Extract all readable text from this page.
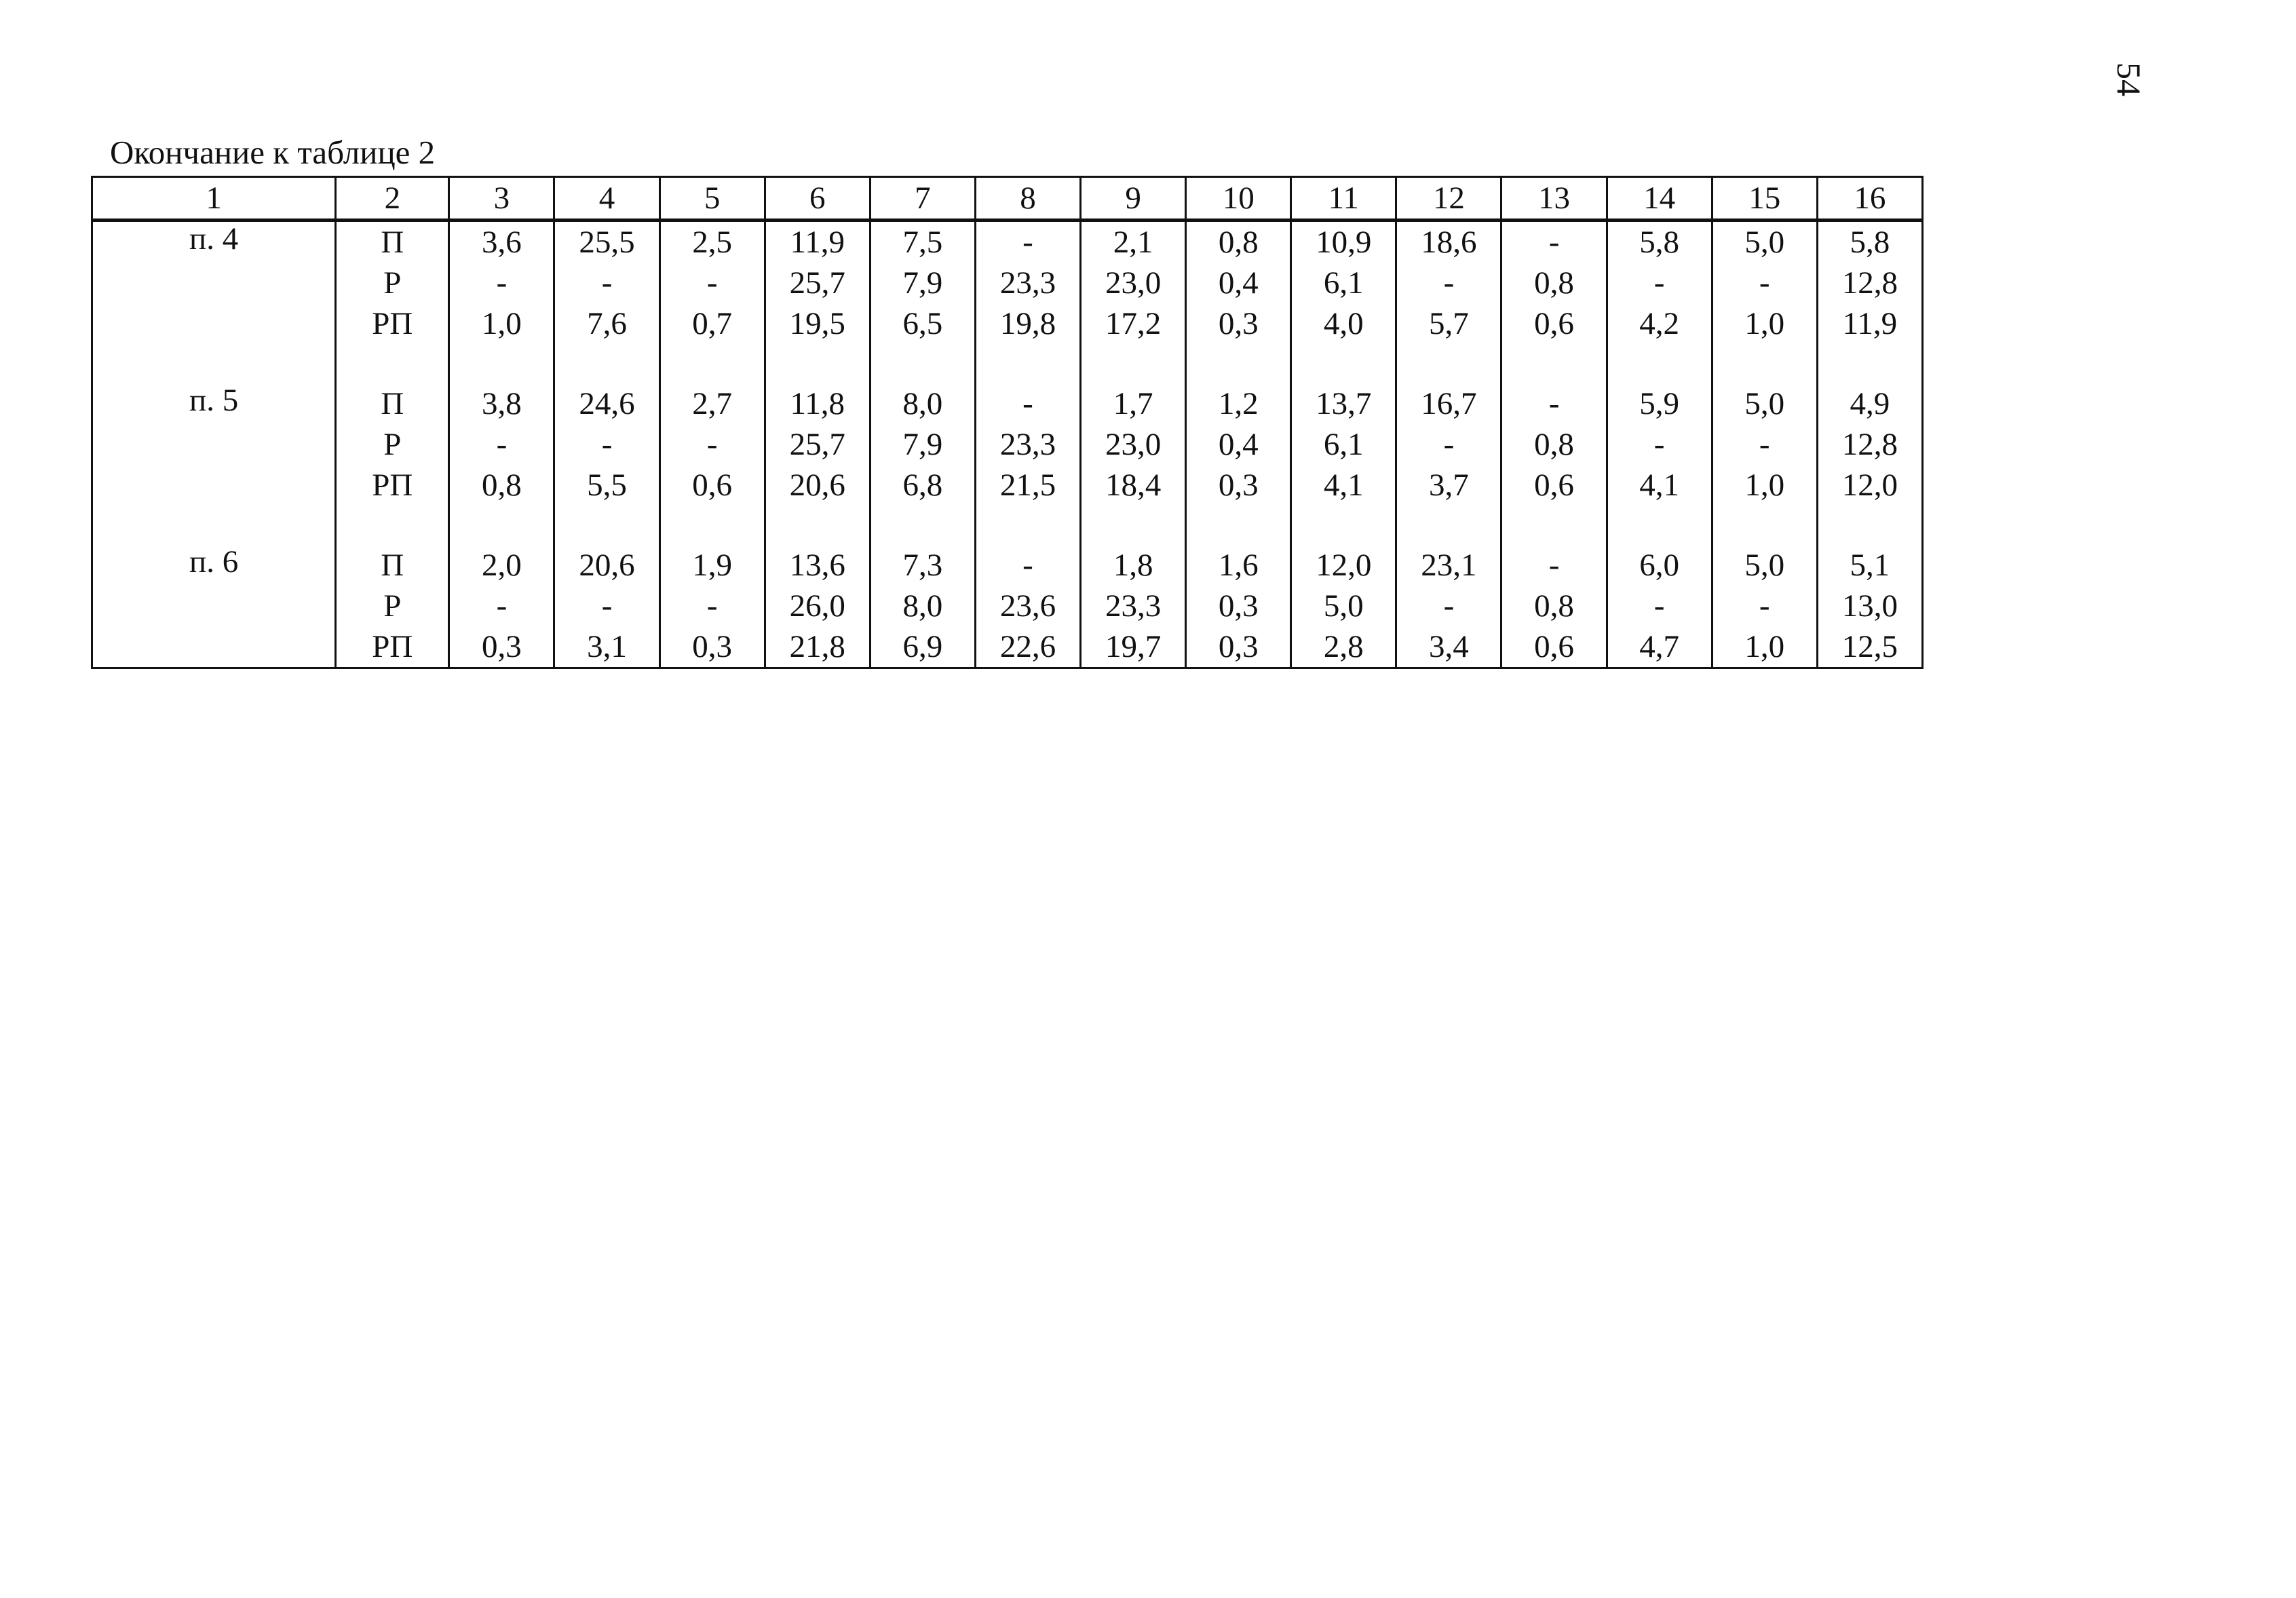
54
Окончание к таблице 2
1	2	3	4	5	6	7	8	9	10	11	12	13	14	15	16
п. 4	П	3,6	25,5	2,5	11,9	7,5	-	2,1	0,8	10,9	18,6	-	5,8	5,0	5,8
	Р	-	-	-	25,7	7,9	23,3	23,0	0,4	6,1	-	0,8	-	-	12,8
	РП	1,0	7,6	0,7	19,5	6,5	19,8	17,2	0,3	4,0	5,7	0,6	4,2	1,0	11,9

п. 5	П	3,8	24,6	2,7	11,8	8,0	-	1,7	1,2	13,7	16,7	-	5,9	5,0	4,9
	Р	-	-	-	25,7	7,9	23,3	23,0	0,4	6,1	-	0,8	-	-	12,8
	РП	0,8	5,5	0,6	20,6	6,8	21,5	18,4	0,3	4,1	3,7	0,6	4,1	1,0	12,0

п. 6	П	2,0	20,6	1,9	13,6	7,3	-	1,8	1,6	12,0	23,1	-	6,0	5,0	5,1
	Р	-	-	-	26,0	8,0	23,6	23,3	0,3	5,0	-	0,8	-	-	13,0
	РП	0,3	3,1	0,3	21,8	6,9	22,6	19,7	0,3	2,8	3,4	0,6	4,7	1,0	12,5
